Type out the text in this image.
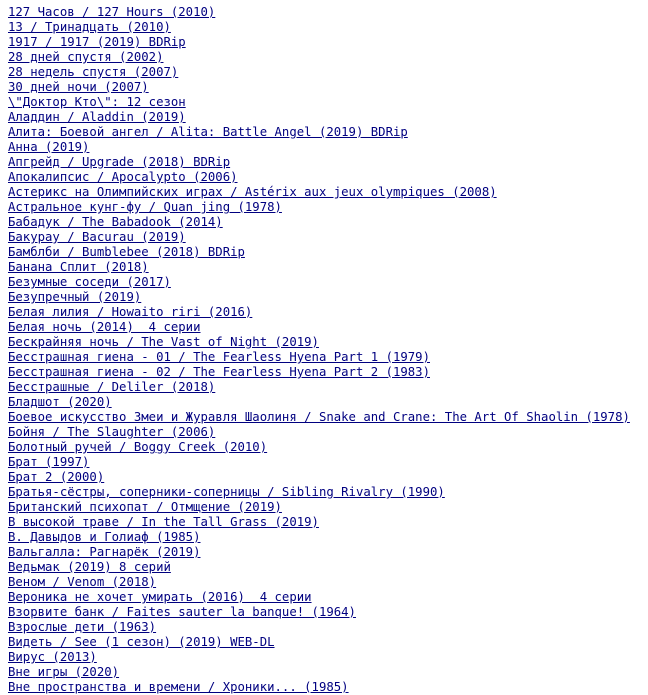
127 Часов / 127 Hours (2010)
13 / Тринадцать (2010)
1917 / 1917 (2019) BDRip
28 дней спустя (2002)
28 недель спустя (2007)
30 дней ночи (2007)
\"Доктор Кто\": 12 сезон
Аладдин / Aladdin (2019)
Алита: Боевой ангел / Alita: Battle Angel (2019) BDRip
Анна (2019)
Апгрейд / Upgrade (2018) BDRip
Апокалипсис / Apocalypto (2006)
Астерикс на Олимпийских играх / Astérix aux jeux olympiques (2008)
Астральное кунг-фу / Quan jing (1978)
Бабадук / The Babadook (2014)
Бакурау / Bacurau (2019)
Бамблби / Bumblebee (2018) BDRip
Банана Сплит (2018)
Безумные соседи (2017)
Безупречный (2019)
Белая лилия / Howaito riri (2016)
Белая ночь (2014)  4 серии
Бескрайняя ночь / The Vast of Night (2019)
Бесстрашная гиена - 01 / The Fearless Hyena Part 1 (1979)
Бесстрашная гиена - 02 / The Fearless Hyena Part 2 (1983)
Бесстрашные / Deliler (2018)
Бладшот (2020)
Боевое искусство Змеи и Журавля Шаолиня / Snake and Crane: The Art Of Shaolin (1978)
Бойня / The Slaughter (2006)
Болотный ручей / Boggy Creek (2010)
Брат (1997)
Брат 2 (2000)
Братья-сёстры, соперники-соперницы / Sibling Rivalry (1990)
Британский психопат / Отмщение (2019)
В высокой траве / In the Tall Grass (2019)
В. Давыдов и Голиаф (1985)
Вальгалла: Рагнарёк (2019)
Ведьмак (2019) 8 серий
Веном / Venom (2018)
Вероника не хочет умирать (2016)  4 серии
Взорвите банк / Faites sauter la banque! (1964)
Взрослые дети (1963)
Видеть / See (1 сезон) (2019) WEB-DL
Вирус (2013)
Вне игры (2020)
Вне пространства и времени / Хроники... (1985)
